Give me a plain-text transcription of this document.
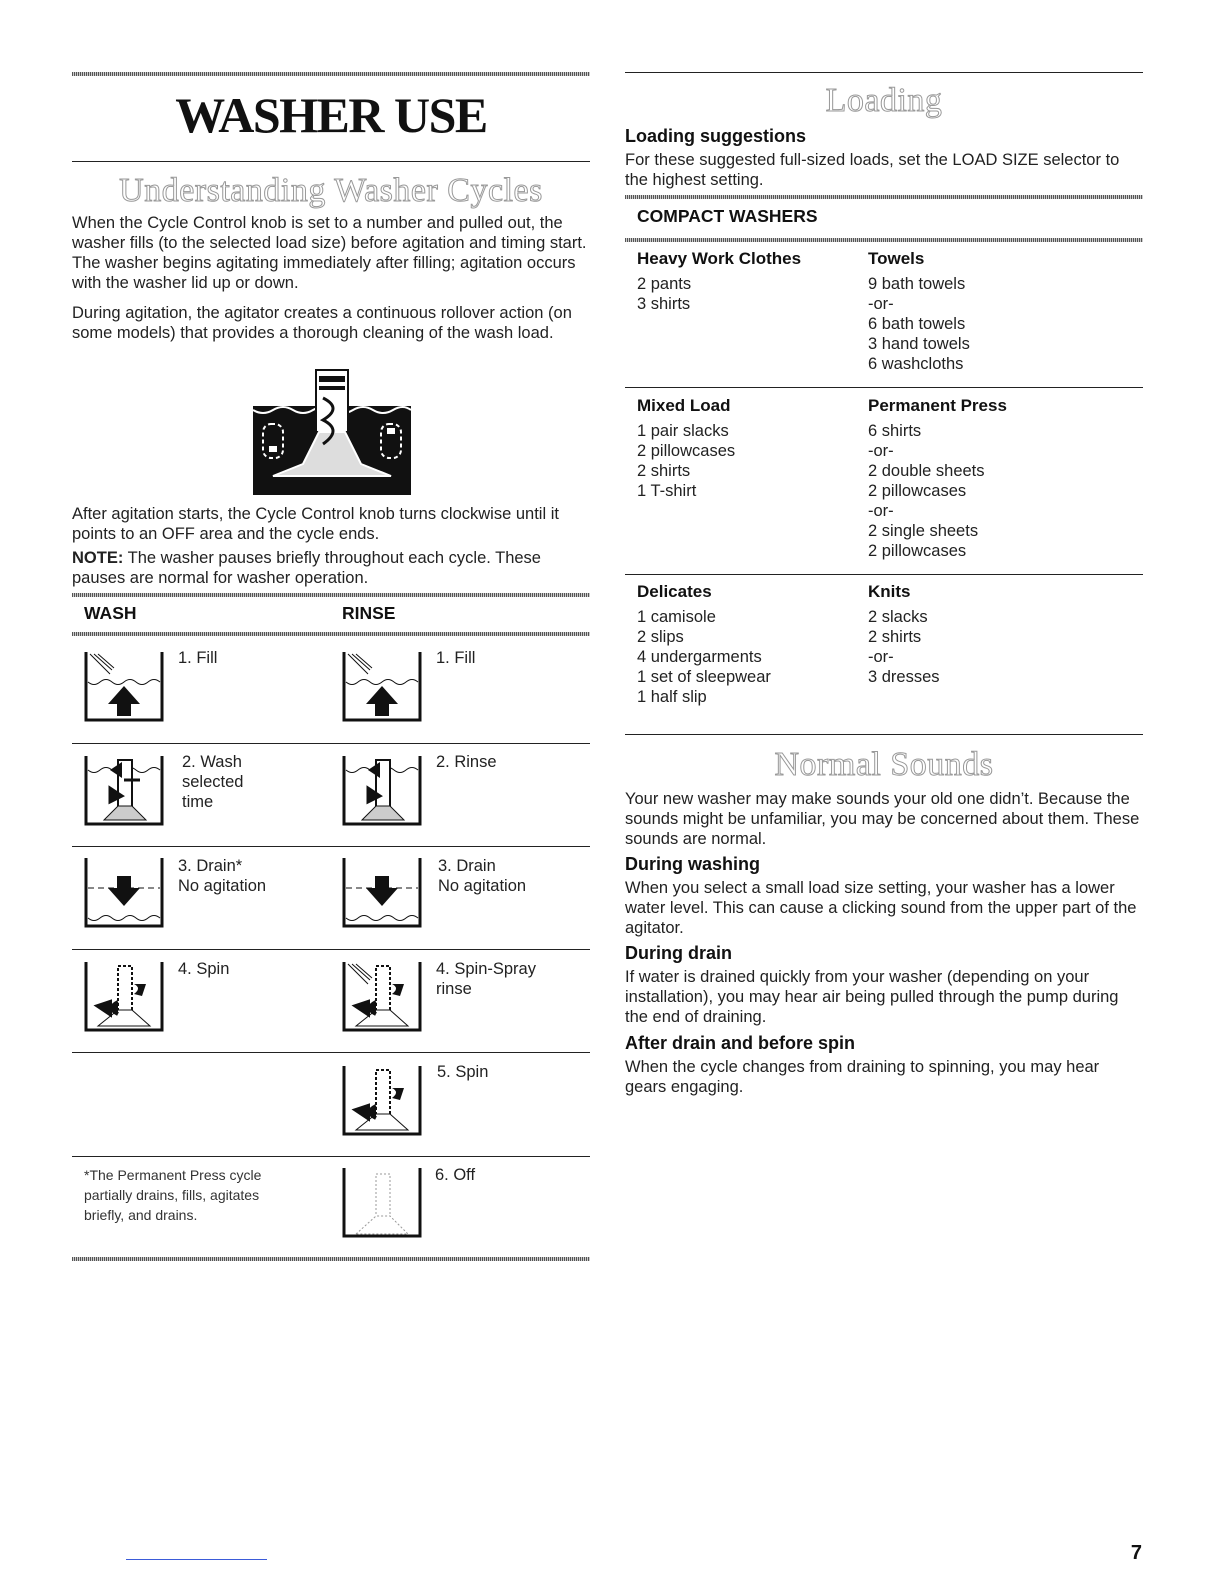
WASHER USE
Understanding Washer Cycles
When the Cycle Control knob is set to a number and pulled out, the washer fills (to the selected load size) before agitation and timing start. The washer begins agitating immediately after filling; agitation occurs with the washer lid up or down.
During agitation, the agitator creates a continuous rollover action (on some models) that provides a thorough cleaning of the wash load.
After agitation starts, the Cycle Control knob turns clockwise until it points to an OFF area and the cycle ends.
NOTE: The washer pauses briefly throughout each cycle. These pauses are normal for washer operation.
WASH	RINSE
1. Fill
2. Wash
selected
time
3. Drain*
No agitation
4. Spin
1. Fill
2. Rinse
3. Drain
No agitation
4. Spin-Spray
rinse
5. Spin
6. Off
*The Permanent Press cycle
partially drains, fills, agitates
briefly, and drains.
Loading
Loading suggestions
For these suggested full-sized loads, set the LOAD SIZE selector to the highest setting.
COMPACT WASHERS
Heavy Work Clothes
2 pants
3 shirts
Towels
9 bath towels
-or-
6 bath towels
3 hand towels
6 washcloths
Mixed Load
1 pair slacks
2 pillowcases
2 shirts
1 T-shirt
Permanent Press
6 shirts
-or-
2 double sheets
2 pillowcases
-or-
2 single sheets
2 pillowcases
Delicates
1 camisole
2 slips
4 undergarments
1 set of sleepwear
1 half slip
Knits
2 slacks
2 shirts
-or-
3 dresses
Normal Sounds
Your new washer may make sounds your old one didn’t. Because the sounds might be unfamiliar, you may be concerned about them. These sounds are normal.
During washing
When you select a small load size setting, your washer has a lower water level. This can cause a clicking sound from the upper part of the agitator.
During drain
If water is drained quickly from your washer (depending on your installation), you may hear air being pulled through the pump during the end of draining.
After drain and before spin
When the cycle changes from draining to spinning, you may hear gears engaging.
7
